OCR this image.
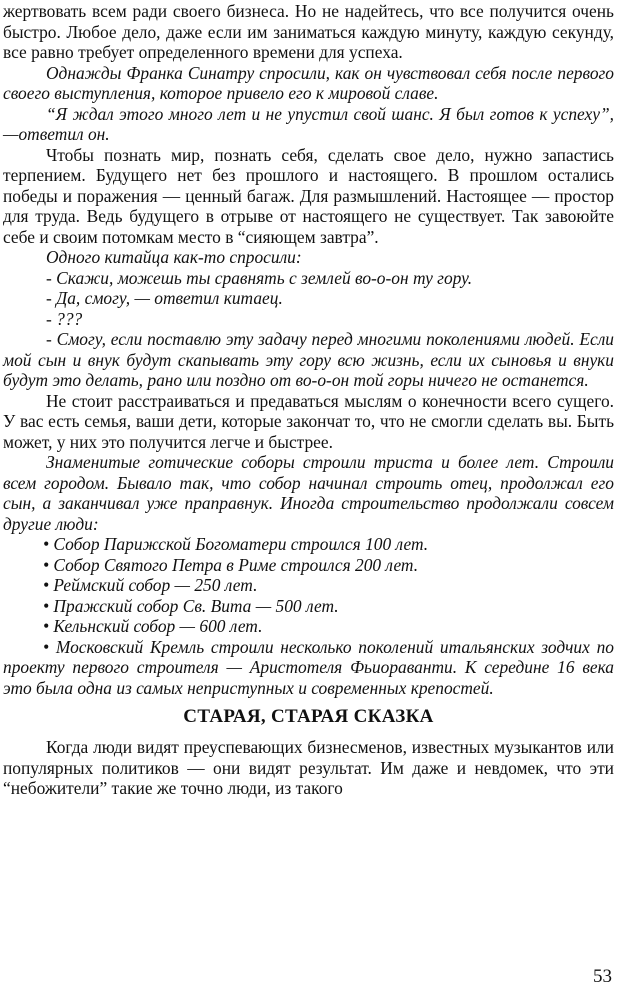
жертвовать всем ради своего бизнеса. Но не надейтесь, что все получится очень быстро. Любое дело, даже если им заниматься каждую минуту, каждую секунду, все равно требует определенного времени для успеха.

Однажды Франка Синатру спросили, как он чувствовал себя после первого своего выступления, которое привело его к мировой славе.

“Я ждал этого много лет и не упустил свой шанс. Я был готов к успеху”,—ответил он.

Чтобы познать мир, познать себя, сделать свое дело, нужно запастись терпением. Будущего нет без прошлого и настоящего. В прошлом остались победы и поражения — ценный багаж. Для размышлений. Настоящее — простор для труда. Ведь будущего в отрыве от настоящего не существует. Так завоюйте себе и своим потомкам место в “сияющем завтра”.

Одного китайца как-то спросили:

- Скажи, можешь ты сравнять с землей во-о-он ту гору.

- Да, смогу, — ответил китаец.

- ???

- Смогу, если поставлю эту задачу перед многими поколениями людей. Если мой сын и внук будут скапывать эту гору всю жизнь, если их сыновья и внуки будут это делать, рано или поздно от во-о-он той горы ничего не останется.

Не стоит расстраиваться и предаваться мыслям о конечности всего сущего. У вас есть семья, ваши дети, которые закончат то, что не смогли сделать вы. Быть может, у них это получится легче и быстрее.

Знаменитые готические соборы строили триста и более лет. Строили всем городом. Бывало так, что собор начинал строить отец, продолжал его сын, а заканчивал уже праправнук. Иногда строительство продолжали совсем другие люди:

• Собор Парижской Богоматери строился 100 лет.

• Собор Святого Петра в Риме строился 200 лет.

• Реймский собор — 250 лет.

• Пражский собор Св. Вита — 500 лет.

• Кельнский собор — 600 лет.

• Московский Кремль строили несколько поколений итальянских зодчих по проекту первого строителя — Аристотеля Фьиораванти. К середине 16 века это была одна из самых неприступных и современных крепостей.

СТАРАЯ, СТАРАЯ СКАЗКА

Когда люди видят преуспевающих бизнесменов, известных музыкантов или популярных политиков — они видят результат. Им даже и невдомек, что эти “небожители” такие же точно люди, из такого

53
